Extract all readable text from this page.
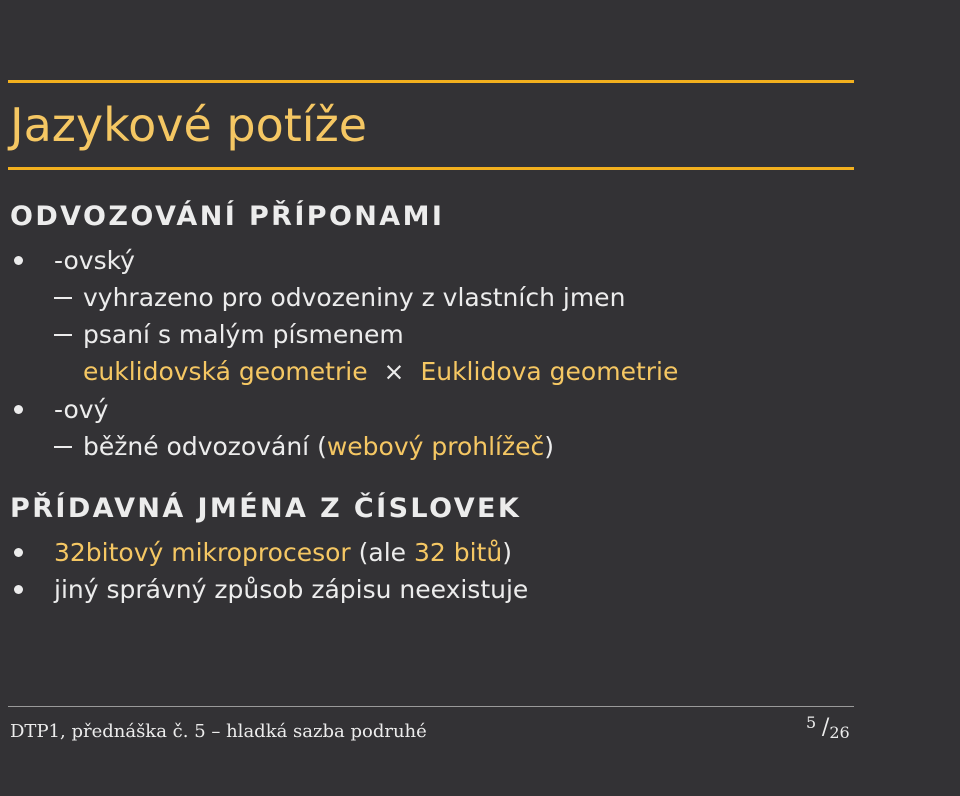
Jazykové potíže
ODVOZOVÁNÍ PŘÍPONAMI
-ovský
vyhrazeno pro odvozeniny z vlastních jmen
psaní s malým písmenem
euklidovská geometrie × Euklidova geometrie
-ový
běžné odvozování (webový prohlížeč)
PŘÍDAVNÁ JMÉNA Z ČÍSLOVEK
32bitový mikroprocesor (ale 32 bitů)
jiný správný způsob zápisu neexistuje
DTP1, přednáška č. 5 – hladká sazba podruhé	5 /26
